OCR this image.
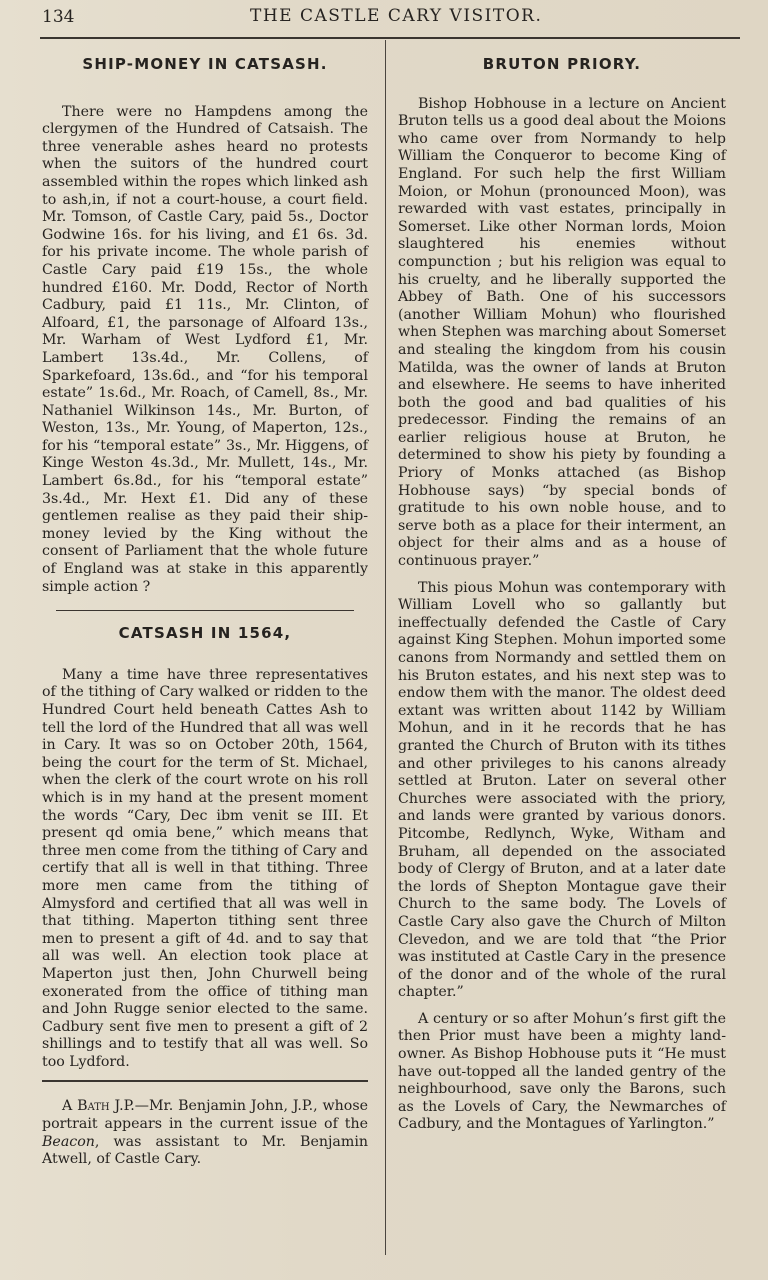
134	THE CASTLE CARY VISITOR.
SHIP-MONEY IN CATSASH.

There were no Hampdens among the clergymen of the Hundred of Catsaish. The three venerable ashes heard no protests when the suitors of the hundred court assembled within the ropes which linked ash to ash,in, if not a court-house, a court field. Mr. Tomson, of Castle Cary, paid 5s., Doctor Godwine 16s. for his living, and £1 6s. 3d. for his private income. The whole parish of Castle Cary paid £19 15s., the whole hundred £160. Mr. Dodd, Rector of North Cadbury, paid £1 11s., Mr. Clinton, of Alfoard, £1, the parsonage of Alfoard 13s., Mr. Warham of West Lydford £1, Mr. Lambert 13s.4d., Mr. Collens, of Sparkefoard, 13s.6d., and “for his temporal estate” 1s.6d., Mr. Roach, of Camell, 8s., Mr. Nathaniel Wilkinson 14s., Mr. Burton, of Weston, 13s., Mr. Young, of Maperton, 12s., for his “temporal estate” 3s., Mr. Higgens, of Kinge Weston 4s.3d., Mr. Mullett, 14s., Mr. Lambert 6s.8d., for his “temporal estate” 3s.4d., Mr. Hext £1. Did any of these gentlemen realise as they paid their ship-money levied by the King without the consent of Parliament that the whole future of England was at stake in this apparently simple action ?

CATSASH IN 1564,

Many a time have three representatives of the tithing of Cary walked or ridden to the Hundred Court held beneath Cattes Ash to tell the lord of the Hundred that all was well in Cary. It was so on October 20th, 1564, being the court for the term of St. Michael, when the clerk of the court wrote on his roll which is in my hand at the present moment the words “Cary, Dec ibm venit se III. Et present qd omia bene,” which means that three men come from the tithing of Cary and certify that all is well in that tithing. Three more men came from the tithing of Almysford and certified that all was well in that tithing. Maperton tithing sent three men to present a gift of 4d. and to say that all was well. An election took place at Maperton just then, John Churwell being exonerated from the office of tithing man and John Rugge senior elected to the same. Cadbury sent five men to present a gift of 2 shillings and to testify that all was well. So too Lydford.

A Bath J.P.—Mr. Benjamin John, J.P., whose portrait appears in the current issue of the Beacon, was assistant to Mr. Benjamin Atwell, of Castle Cary.

BRUTON PRIORY.

Bishop Hobhouse in a lecture on Ancient Bruton tells us a good deal about the Moions who came over from Normandy to help William the Conqueror to become King of England. For such help the first William Moion, or Mohun (pronounced Moon), was rewarded with vast estates, principally in Somerset. Like other Norman lords, Moion slaughtered his enemies without compunction ; but his religion was equal to his cruelty, and he liberally supported the Abbey of Bath. One of his successors (another William Mohun) who flourished when Stephen was marching about Somerset and stealing the kingdom from his cousin Matilda, was the owner of lands at Bruton and elsewhere. He seems to have inherited both the good and bad qualities of his predecessor. Finding the remains of an earlier religious house at Bruton, he determined to show his piety by founding a Priory of Monks attached (as Bishop Hobhouse says) “by special bonds of gratitude to his own noble house, and to serve both as a place for their interment, an object for their alms and as a house of continuous prayer.”

This pious Mohun was contemporary with William Lovell who so gallantly but ineffectually defended the Castle of Cary against King Stephen. Mohun imported some canons from Normandy and settled them on his Bruton estates, and his next step was to endow them with the manor. The oldest deed extant was written about 1142 by William Mohun, and in it he records that he has granted the Church of Bruton with its tithes and other privileges to his canons already settled at Bruton. Later on several other Churches were associated with the priory, and lands were granted by various donors. Pitcombe, Redlynch, Wyke, Witham and Bruham, all depended on the associated body of Clergy of Bruton, and at a later date the lords of Shepton Montague gave their Church to the same body. The Lovels of Castle Cary also gave the Church of Milton Clevedon, and we are told that “the Prior was instituted at Castle Cary in the presence of the donor and of the whole of the rural chapter.”

A century or so after Mohun’s first gift the then Prior must have been a mighty land-owner. As Bishop Hobhouse puts it “He must have out-topped all the landed gentry of the neighbourhood, save only the Barons, such as the Lovels of Cary, the Newmarches of Cadbury, and the Montagues of Yarlington.”
